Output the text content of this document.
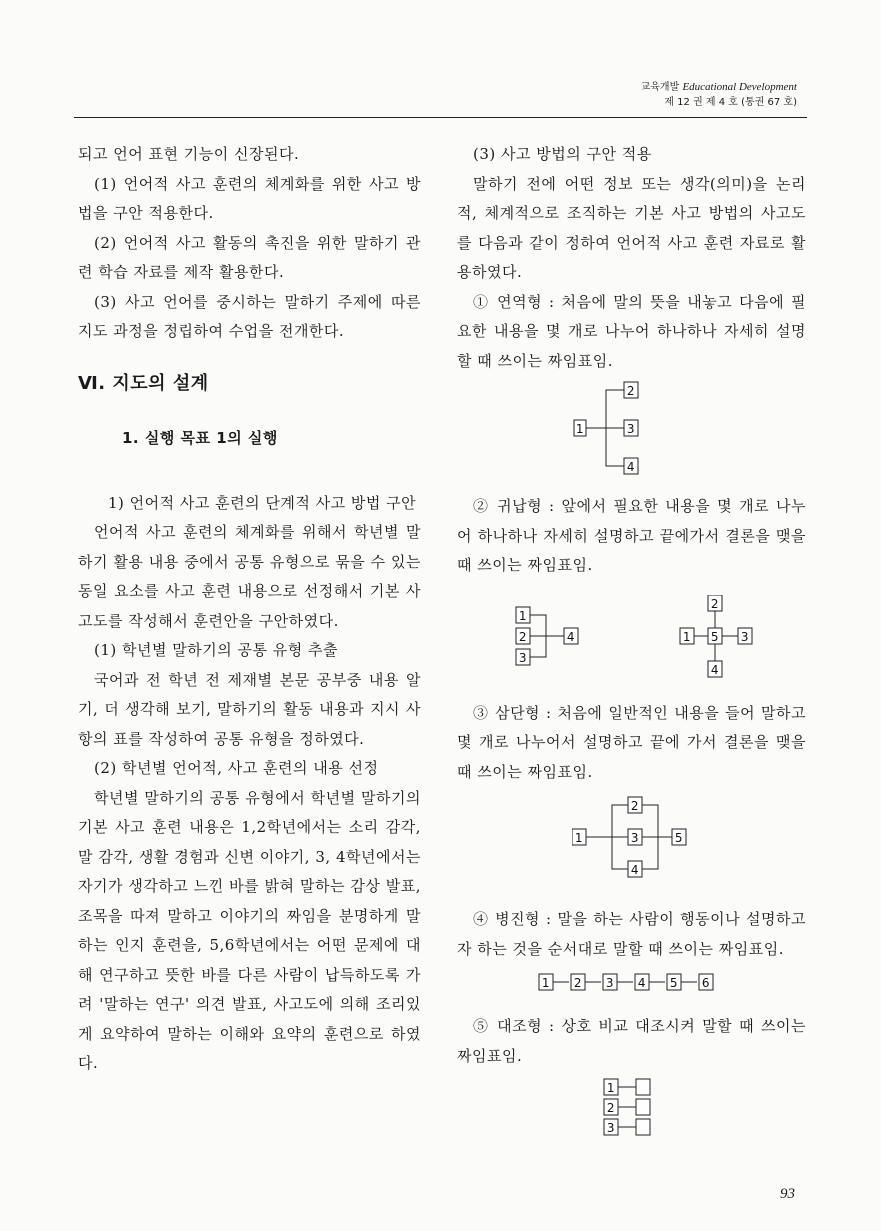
교육개발 Educational Development
제 12 권 제 4 호 (통권 67 호)

되고 언어 표현 기능이 신장된다.

(1) 언어적 사고 훈련의 체계화를 위한 사고 방법을 구안 적용한다.

(2) 언어적 사고 활동의 촉진을 위한 말하기 관련 학습 자료를 제작 활용한다.

(3) 사고 언어를 중시하는 말하기 주제에 따른 지도 과정을 정립하여 수업을 전개한다.

Ⅵ. 지도의 설계

1. 실행 목표 1의 실행

1) 언어적 사고 훈련의 단계적 사고 방법 구안

언어적 사고 훈련의 체계화를 위해서 학년별 말하기 활용 내용 중에서 공통 유형으로 묶을 수 있는 동일 요소를 사고 훈련 내용으로 선정해서 기본 사고도를 작성해서 훈련안을 구안하였다.

(1) 학년별 말하기의 공통 유형 추출

국어과 전 학년 전 제재별 본문 공부중 내용 알기, 더 생각해 보기, 말하기의 활동 내용과 지시 사항의 표를 작성하여 공통 유형을 정하였다.

(2) 학년별 언어적, 사고 훈련의 내용 선정

학년별 말하기의 공통 유형에서 학년별 말하기의 기본 사고 훈련 내용은 1,2학년에서는 소리 감각, 말 감각, 생활 경험과 신변 이야기, 3, 4학년에서는 자기가 생각하고 느낀 바를 밝혀 말하는 감상 발표, 조목을 따져 말하고 이야기의 짜임을 분명하게 말하는 인지 훈련을, 5,6학년에서는 어떤 문제에 대해 연구하고 뜻한 바를 다른 사람이 납득하도록 가려 '말하는 연구' 의견 발표, 사고도에 의해 조리있게 요약하여 말하는 이해와 요약의 훈련으로 하였다.

(3) 사고 방법의 구안 적용

말하기 전에 어떤 정보 또는 생각(의미)을 논리적, 체계적으로 조직하는 기본 사고 방법의 사고도를 다음과 같이 정하여 언어적 사고 훈련 자료로 활용하였다.

① 연역형 : 처음에 말의 뜻을 내놓고 다음에 필요한 내용을 몇 개로 나누어 하나하나 자세히 설명할 때 쓰이는 짜임표임.

1
2
3
4

② 귀납형 : 앞에서 필요한 내용을 몇 개로 나누어 하나하나 자세히 설명하고 끝에가서 결론을 맺을 때 쓰이는 짜임표임.

1
2
3
4
2
1 5 3
4

③ 삼단형 : 처음에 일반적인 내용을 들어 말하고 몇 개로 나누어서 설명하고 끝에 가서 결론을 맺을 때 쓰이는 짜임표임.

1
2
3
4
5

④ 병진형 : 말을 하는 사람이 행동이나 설명하고자 하는 것을 순서대로 말할 때 쓰이는 짜임표임.

1 2 3 4 5 6

⑤ 대조형 : 상호 비교 대조시켜 말할 때 쓰이는 짜임표임.

1
2
3
93
